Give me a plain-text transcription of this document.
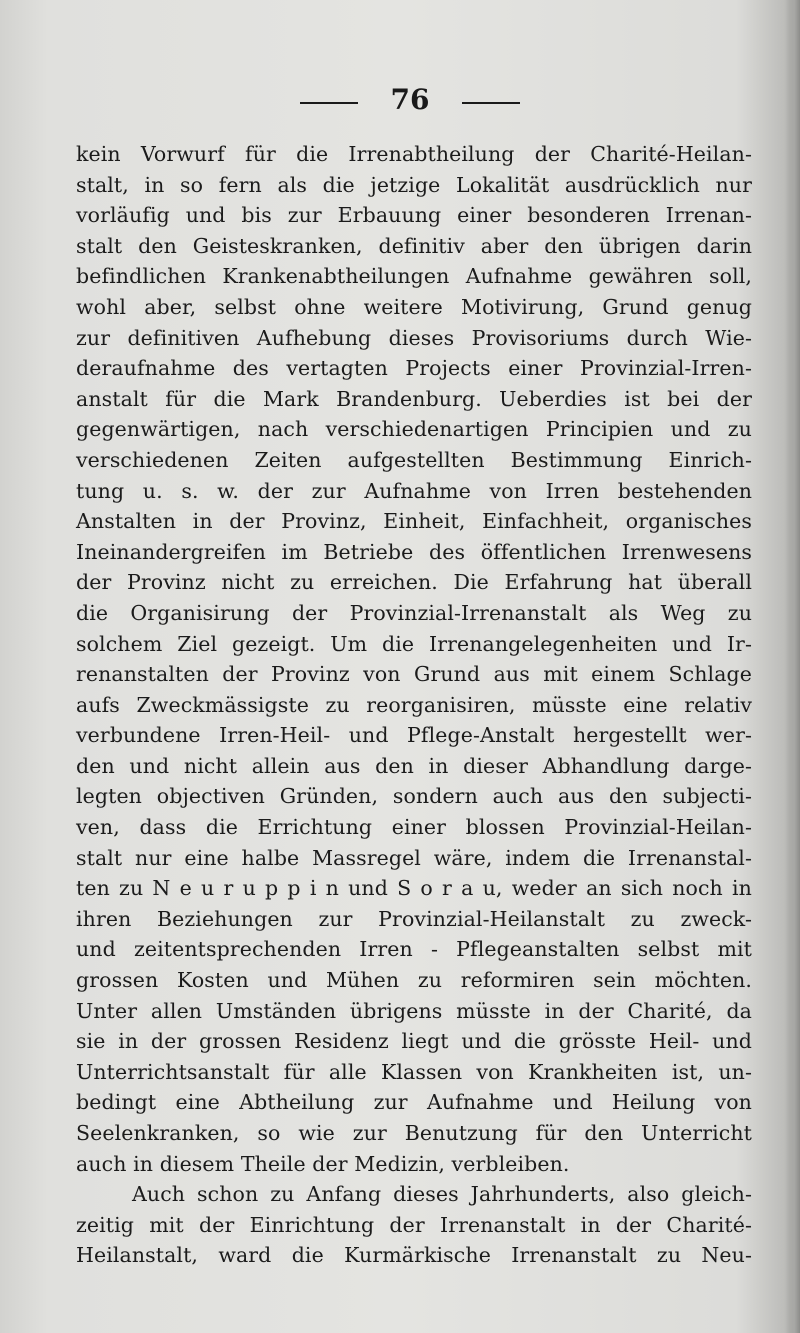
76
kein Vorwurf für die Irrenabtheilung der Charité-Heilan-
stalt, in so fern als die jetzige Lokalität ausdrücklich nur
vorläufig und bis zur Erbauung einer besonderen Irrenan-
stalt den Geisteskranken, definitiv aber den übrigen darin
befindlichen Krankenabtheilungen Aufnahme gewähren soll,
wohl aber, selbst ohne weitere Motivirung, Grund genug
zur definitiven Aufhebung dieses Provisoriums durch Wie-
deraufnahme des vertagten Projects einer Provinzial-Irren-
anstalt für die Mark Brandenburg. Ueberdies ist bei der
gegenwärtigen, nach verschiedenartigen Principien und zu
verschiedenen Zeiten aufgestellten Bestimmung Einrich-
tung u. s. w. der zur Aufnahme von Irren bestehenden
Anstalten in der Provinz, Einheit, Einfachheit, organisches
Ineinandergreifen im Betriebe des öffentlichen Irrenwesens
der Provinz nicht zu erreichen. Die Erfahrung hat überall
die Organisirung der Provinzial-Irrenanstalt als Weg zu
solchem Ziel gezeigt. Um die Irrenangelegenheiten und Ir-
renanstalten der Provinz von Grund aus mit einem Schlage
aufs Zweckmässigste zu reorganisiren, müsste eine relativ
verbundene Irren-Heil- und Pflege-Anstalt hergestellt wer-
den und nicht allein aus den in dieser Abhandlung darge-
legten objectiven Gründen, sondern auch aus den subjecti-
ven, dass die Errichtung einer blossen Provinzial-Heilan-
stalt nur eine halbe Massregel wäre, indem die Irrenanstal-
ten zu N e u r u p p i n und S o r a u, weder an sich noch in
ihren Beziehungen zur Provinzial-Heilanstalt zu zweck-
und zeitentsprechenden Irren - Pflegeanstalten selbst mit
grossen Kosten und Mühen zu reformiren sein möchten.
Unter allen Umständen übrigens müsste in der Charité, da
sie in der grossen Residenz liegt und die grösste Heil- und
Unterrichtsanstalt für alle Klassen von Krankheiten ist, un-
bedingt eine Abtheilung zur Aufnahme und Heilung von
Seelenkranken, so wie zur Benutzung für den Unterricht
auch in diesem Theile der Medizin, verbleiben.
Auch schon zu Anfang dieses Jahrhunderts, also gleich-
zeitig mit der Einrichtung der Irrenanstalt in der Charité-
Heilanstalt, ward die Kurmärkische Irrenanstalt zu Neu-
